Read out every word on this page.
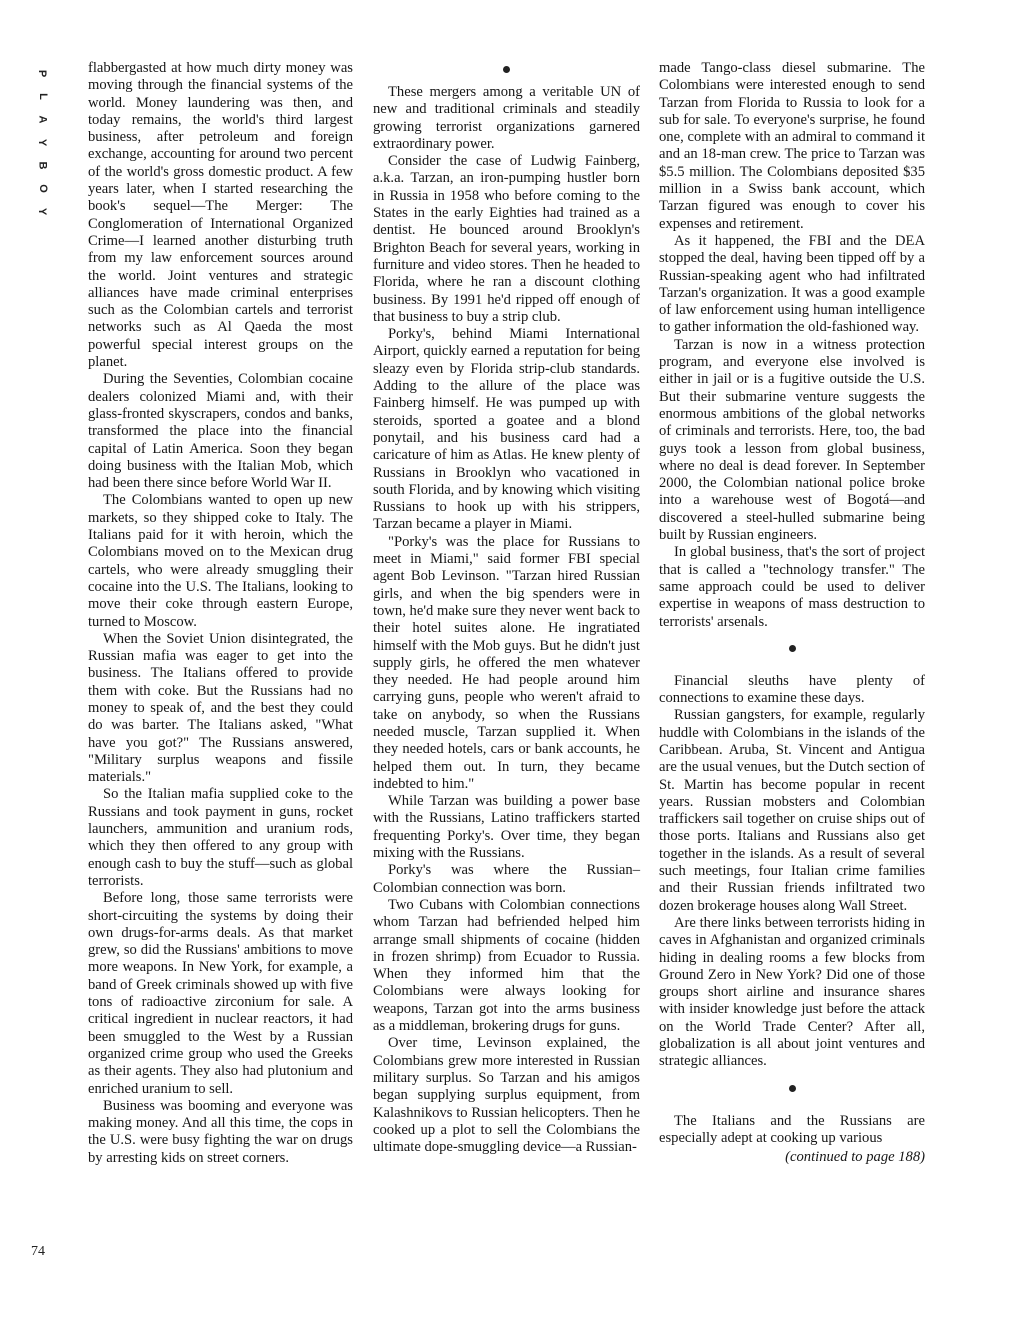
P
L
A
Y
B
O
Y
74

flabbergasted at how much dirty money was moving through the financial systems of the world. Money laundering was then, and today remains, the world's third largest business, after petroleum and foreign exchange, accounting for around two percent of the world's gross domestic product. A few years later, when I started researching the book's sequel—The Merger: The Conglomeration of International Organized Crime—I learned another disturbing truth from my law enforcement sources around the world. Joint ventures and strategic alliances have made criminal enterprises such as the Colombian cartels and terrorist networks such as Al Qaeda the most powerful special interest groups on the planet.

During the Seventies, Colombian cocaine dealers colonized Miami and, with their glass-fronted skyscrapers, condos and banks, transformed the place into the financial capital of Latin America. Soon they began doing business with the Italian Mob, which had been there since before World War II.

The Colombians wanted to open up new markets, so they shipped coke to Italy. The Italians paid for it with heroin, which the Colombians moved on to the Mexican drug cartels, who were already smuggling their cocaine into the U.S. The Italians, looking to move their coke through eastern Europe, turned to Moscow.

When the Soviet Union disintegrated, the Russian mafia was eager to get into the business. The Italians offered to provide them with coke. But the Russians had no money to speak of, and the best they could do was barter. The Italians asked, "What have you got?" The Russians answered, "Military surplus weapons and fissile materials."

So the Italian mafia supplied coke to the Russians and took payment in guns, rocket launchers, ammunition and uranium rods, which they then offered to any group with enough cash to buy the stuff—such as global terrorists.

Before long, those same terrorists were short-circuiting the systems by doing their own drugs-for-arms deals. As that market grew, so did the Russians' ambitions to move more weapons. In New York, for example, a band of Greek criminals showed up with five tons of radioactive zirconium for sale. A critical ingredient in nuclear reactors, it had been smuggled to the West by a Russian organized crime group who used the Greeks as their agents. They also had plutonium and enriched uranium to sell.

Business was booming and everyone was making money. And all this time, the cops in the U.S. were busy fighting the war on drugs by arresting kids on street corners.

These mergers among a veritable UN of new and traditional criminals and steadily growing terrorist organizations garnered extraordinary power.

Consider the case of Ludwig Fainberg, a.k.a. Tarzan, an iron-pumping hustler born in Russia in 1958 who before coming to the States in the early Eighties had trained as a dentist. He bounced around Brooklyn's Brighton Beach for several years, working in furniture and video stores. Then he headed to Florida, where he ran a discount clothing business. By 1991 he'd ripped off enough of that business to buy a strip club.

Porky's, behind Miami International Airport, quickly earned a reputation for being sleazy even by Florida strip-club standards. Adding to the allure of the place was Fainberg himself. He was pumped up with steroids, sported a goatee and a blond ponytail, and his business card had a caricature of him as Atlas. He knew plenty of Russians in Brooklyn who vacationed in south Florida, and by knowing which visiting Russians to hook up with his strippers, Tarzan became a player in Miami.

"Porky's was the place for Russians to meet in Miami," said former FBI special agent Bob Levinson. "Tarzan hired Russian girls, and when the big spenders were in town, he'd make sure they never went back to their hotel suites alone. He ingratiated himself with the Mob guys. But he didn't just supply girls, he offered the men whatever they needed. He had people around him carrying guns, people who weren't afraid to take on anybody, so when the Russians needed muscle, Tarzan supplied it. When they needed hotels, cars or bank accounts, he helped them out. In turn, they became indebted to him."

While Tarzan was building a power base with the Russians, Latino traffickers started frequenting Porky's. Over time, they began mixing with the Russians.

Porky's was where the Russian–Colombian connection was born.

Two Cubans with Colombian connections whom Tarzan had befriended helped him arrange small shipments of cocaine (hidden in frozen shrimp) from Ecuador to Russia. When they informed him that the Colombians were always looking for weapons, Tarzan got into the arms business as a middleman, brokering drugs for guns.

Over time, Levinson explained, the Colombians grew more interested in Russian military surplus. So Tarzan and his amigos began supplying surplus equipment, from Kalashnikovs to Russian helicopters. Then he cooked up a plot to sell the Colombians the ultimate dope-smuggling device—a Russian-

made Tango-class diesel submarine. The Colombians were interested enough to send Tarzan from Florida to Russia to look for a sub for sale. To everyone's surprise, he found one, complete with an admiral to command it and an 18-man crew. The price to Tarzan was $5.5 million. The Colombians deposited $35 million in a Swiss bank account, which Tarzan figured was enough to cover his expenses and retirement.

As it happened, the FBI and the DEA stopped the deal, having been tipped off by a Russian-speaking agent who had infiltrated Tarzan's organization. It was a good example of law enforcement using human intelligence to gather information the old-fashioned way.

Tarzan is now in a witness protection program, and everyone else involved is either in jail or is a fugitive outside the U.S. But their submarine venture suggests the enormous ambitions of the global networks of criminals and terrorists. Here, too, the bad guys took a lesson from global business, where no deal is dead forever. In September 2000, the Colombian national police broke into a warehouse west of Bogotá—and discovered a steel-hulled submarine being built by Russian engineers.

In global business, that's the sort of project that is called a "technology transfer." The same approach could be used to deliver expertise in weapons of mass destruction to terrorists' arsenals.

Financial sleuths have plenty of connections to examine these days.

Russian gangsters, for example, regularly huddle with Colombians in the islands of the Caribbean. Aruba, St. Vincent and Antigua are the usual venues, but the Dutch section of St. Martin has become popular in recent years. Russian mobsters and Colombian traffickers sail together on cruise ships out of those ports. Italians and Russians also get together in the islands. As a result of several such meetings, four Italian crime families and their Russian friends infiltrated two dozen brokerage houses along Wall Street.

Are there links between terrorists hiding in caves in Afghanistan and organized criminals hiding in dealing rooms a few blocks from Ground Zero in New York? Did one of those groups short airline and insurance shares with insider knowledge just before the attack on the World Trade Center? After all, globalization is all about joint ventures and strategic alliances.

The Italians and the Russians are especially adept at cooking up various

(continued to page 188)
